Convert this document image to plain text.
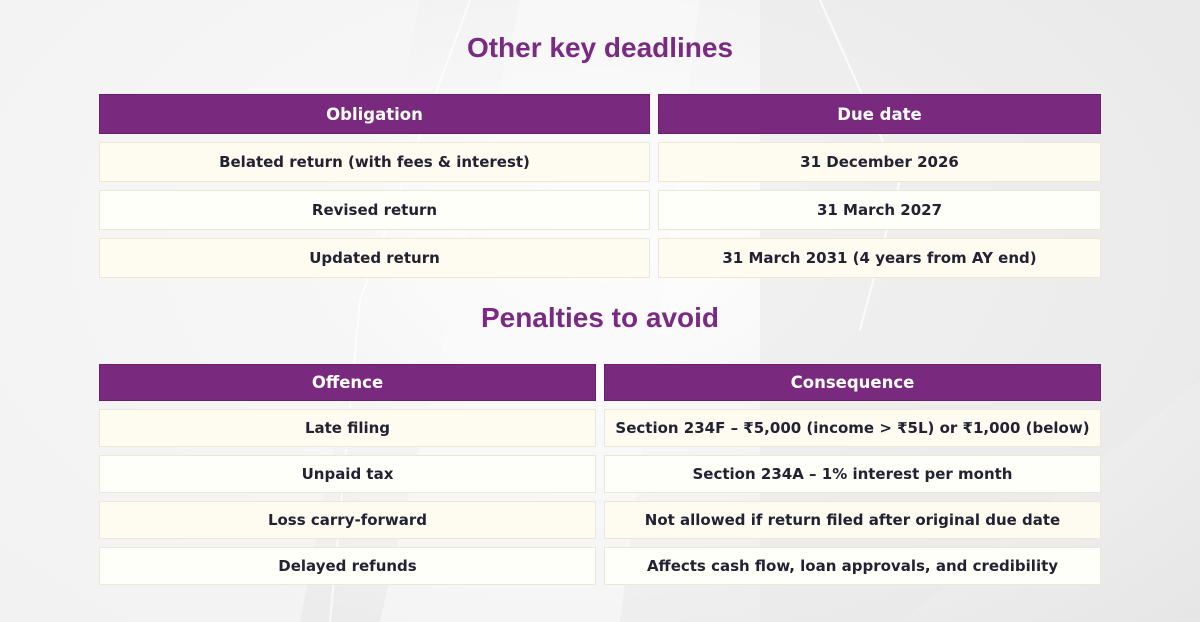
Other key deadlines
Obligation	Due date
Belated return (with fees & interest)	31 December 2026
Revised return	31 March 2027
Updated return	31 March 2031 (4 years from AY end)
Penalties to avoid
Offence	Consequence
Late filing	Section 234F – ₹5,000 (income > ₹5L) or ₹1,000 (below)
Unpaid tax	Section 234A – 1% interest per month
Loss carry-forward	Not allowed if return filed after original due date
Delayed refunds	Affects cash flow, loan approvals, and credibility
